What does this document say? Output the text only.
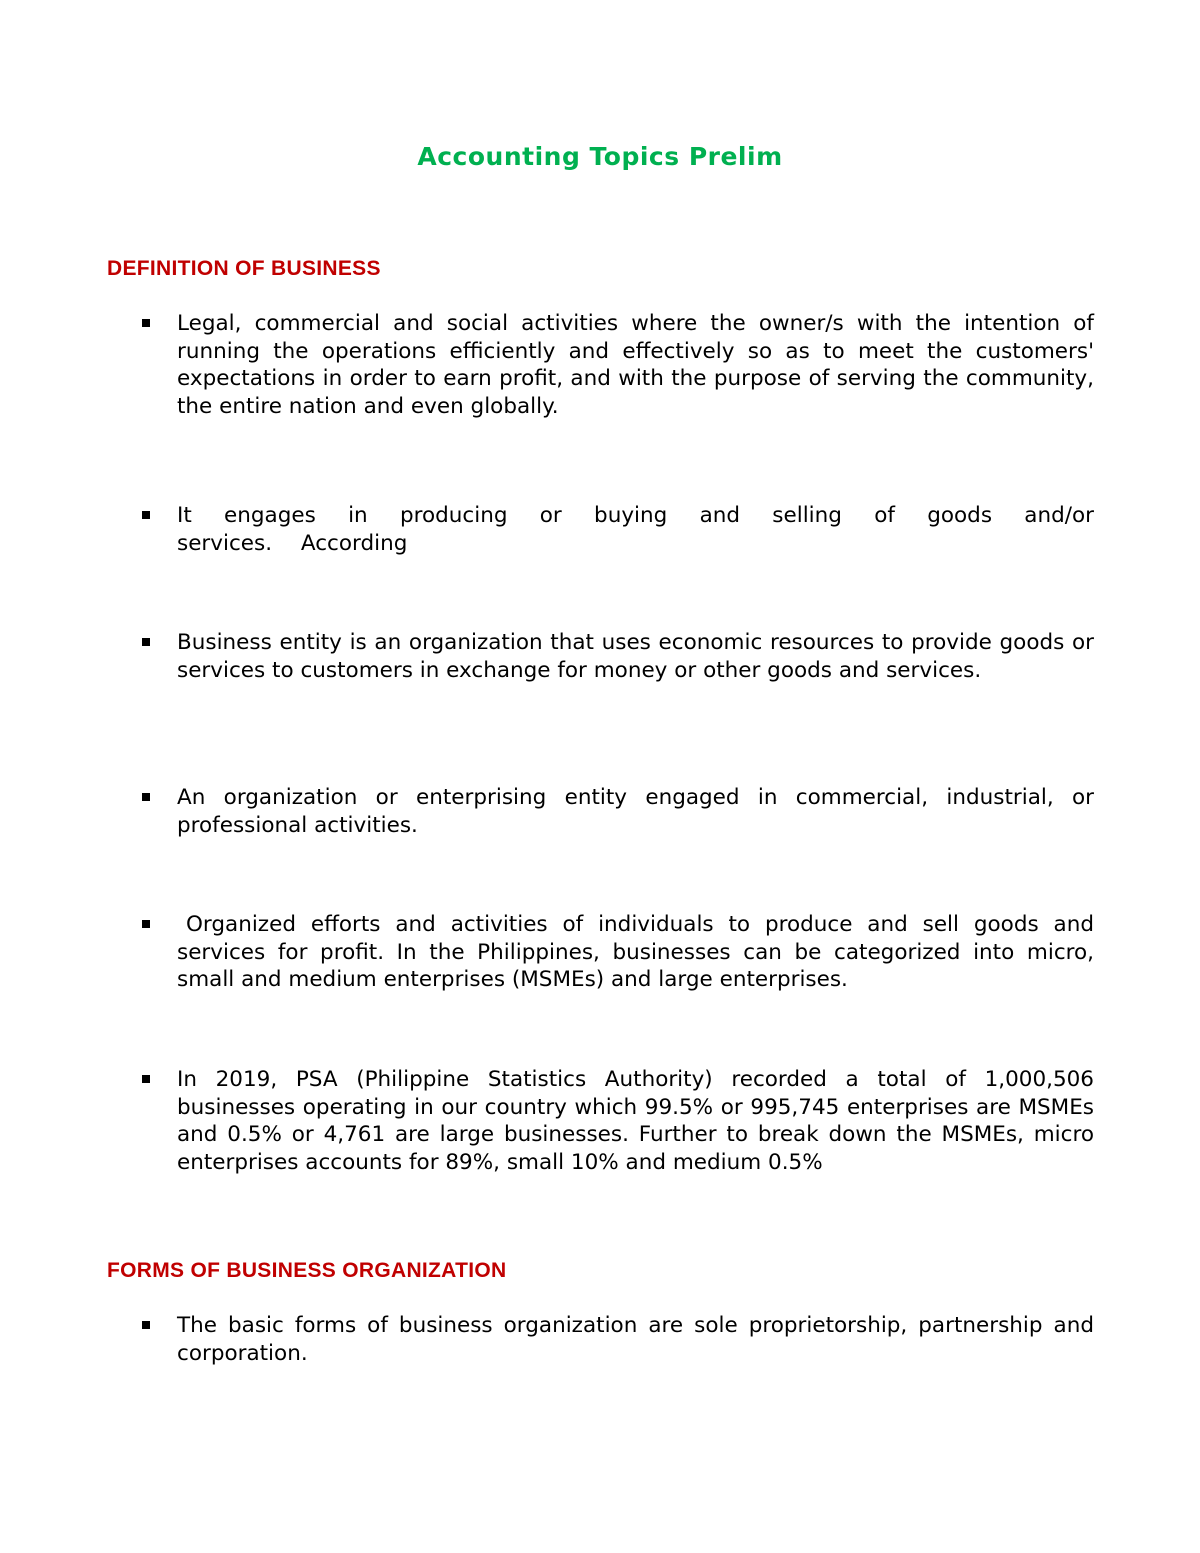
Accounting Topics Prelim
DEFINITION OF BUSINESS

Legal, commercial and social activities where the owner/s with the intention of running the operations efficiently and effectively so as to meet the customers' expectations in order to earn profit, and with the purpose of serving the community, the entire nation and even globally.

It engages in producing or buying and selling of goods and/or services. According

Business entity is an organization that uses economic resources to provide goods or services to customers in exchange for money or other goods and services.

An organization or enterprising entity engaged in commercial, industrial, or professional activities.

Organized efforts and activities of individuals to produce and sell goods and services for profit. In the Philippines, businesses can be categorized into micro, small and medium enterprises (MSMEs) and large enterprises.

In 2019, PSA (Philippine Statistics Authority) recorded a total of 1,000,506 businesses operating in our country which 99.5% or 995,745 enterprises are MSMEs and 0.5% or 4,761 are large businesses. Further to break down the MSMEs, micro enterprises accounts for 89%, small 10% and medium 0.5%

FORMS OF BUSINESS ORGANIZATION

The basic forms of business organization are sole proprietorship, partnership and corporation.
